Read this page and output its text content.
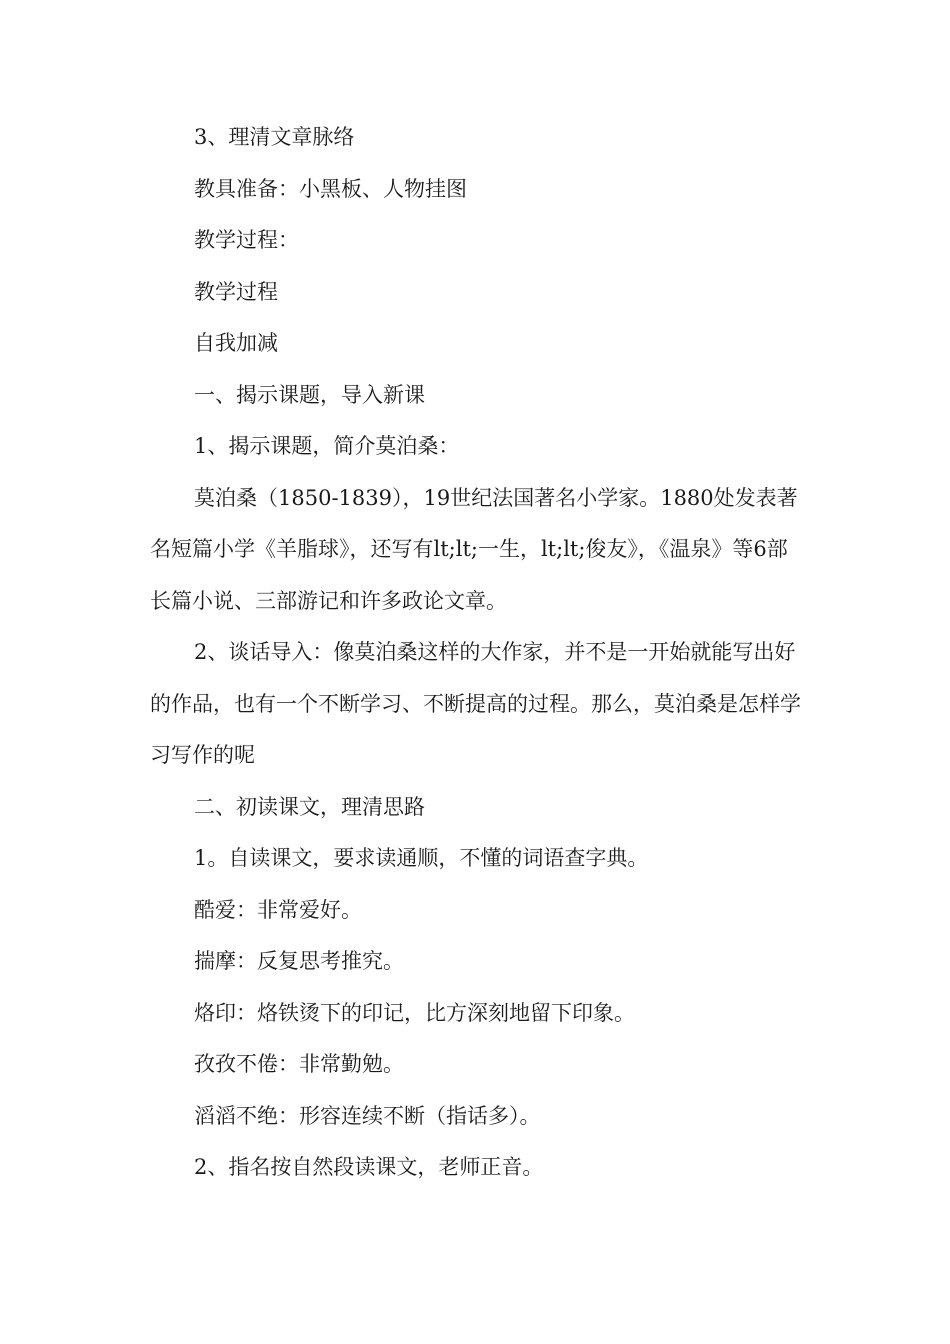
3、理清文章脉络

教具准备：小黑板、人物挂图

教学过程：

教学过程

自我加减

一、揭示课题，导入新课

1、揭示课题，简介莫泊桑：

莫泊桑（1850-1839），19世纪法国著名小学家。1880处发表著名短篇小学《羊脂球》，还写有lt;lt;一生，lt;lt;俊友》，《温泉》等6部长篇小说、三部游记和许多政论文章。

2、谈话导入：像莫泊桑这样的大作家，并不是一开始就能写出好的作品，也有一个不断学习、不断提高的过程。那么，莫泊桑是怎样学习写作的呢

二、初读课文，理清思路

1。自读课文，要求读通顺，不懂的词语查字典。

酷爱：非常爱好。

揣摩：反复思考推究。

烙印：烙铁烫下的印记，比方深刻地留下印象。

孜孜不倦：非常勤勉。

滔滔不绝：形容连续不断（指话多）。

2、指名按自然段读课文，老师正音。
